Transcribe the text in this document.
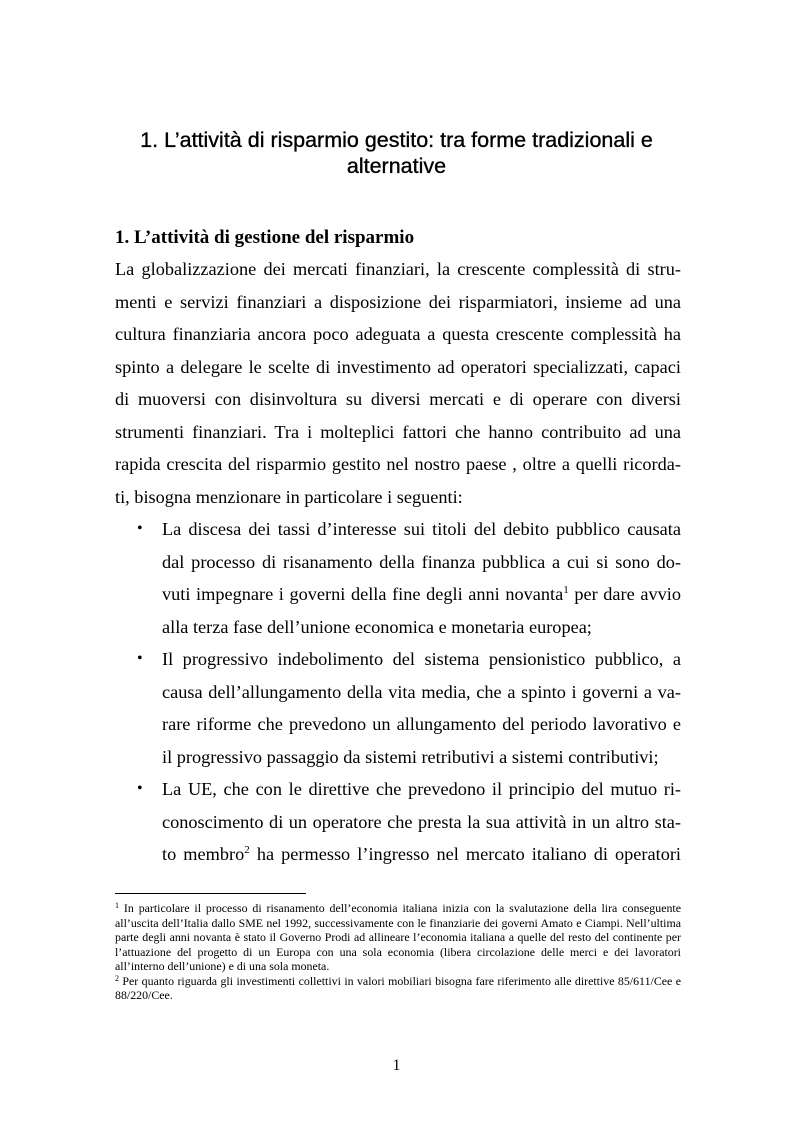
1. L’attività di risparmio gestito: tra forme tradizionali e
alternative
1. L’attività di gestione del risparmio
La globalizzazione dei mercati finanziari, la crescente complessità di stru-
menti e servizi finanziari a disposizione dei risparmiatori, insieme ad una
cultura finanziaria ancora poco adeguata a questa crescente complessità ha
spinto a delegare le scelte di investimento ad operatori specializzati, capaci
di muoversi con disinvoltura su diversi mercati e di operare con diversi
strumenti finanziari. Tra i molteplici fattori che hanno contribuito ad una
rapida crescita del risparmio gestito nel nostro paese , oltre a quelli ricorda-
ti, bisogna menzionare in particolare i seguenti:
• La discesa dei tassi d’interesse sui titoli del debito pubblico causata
dal processo di risanamento della finanza pubblica a cui si sono do-
vuti impegnare i governi della fine degli anni novanta$^1$ per dare avvio
alla terza fase dell’unione economica e monetaria europea;
• Il progressivo indebolimento del sistema pensionistico pubblico, a
causa dell’allungamento della vita media, che a spinto i governi a va-
rare riforme che prevedono un allungamento del periodo lavorativo e
il progressivo passaggio da sistemi retributivi a sistemi contributivi;
• La UE, che con le direttive che prevedono il principio del mutuo ri-
conoscimento di un operatore che presta la sua attività in un altro sta-
to membro$^2$ ha permesso l’ingresso nel mercato italiano di operatori

$^1$ In particolare il processo di risanamento dell’economia italiana inizia con la svalutazione della lira conseguente all’uscita dell’Italia dallo SME nel 1992, successivamente con le finanziarie dei governi Amato e Ciampi. Nell’ultima parte degli anni novanta è stato il Governo Prodi ad allineare l’economia italiana a quelle del resto del continente per l’attuazione del progetto di un Europa con una sola economia (libera circolazione delle merci e dei lavoratori all’interno dell’unione) e di una sola moneta.

$^2$ Per quanto riguarda gli investimenti collettivi in valori mobiliari bisogna fare riferimento alle direttive 85/611/Cee e 88/220/Cee.

1
